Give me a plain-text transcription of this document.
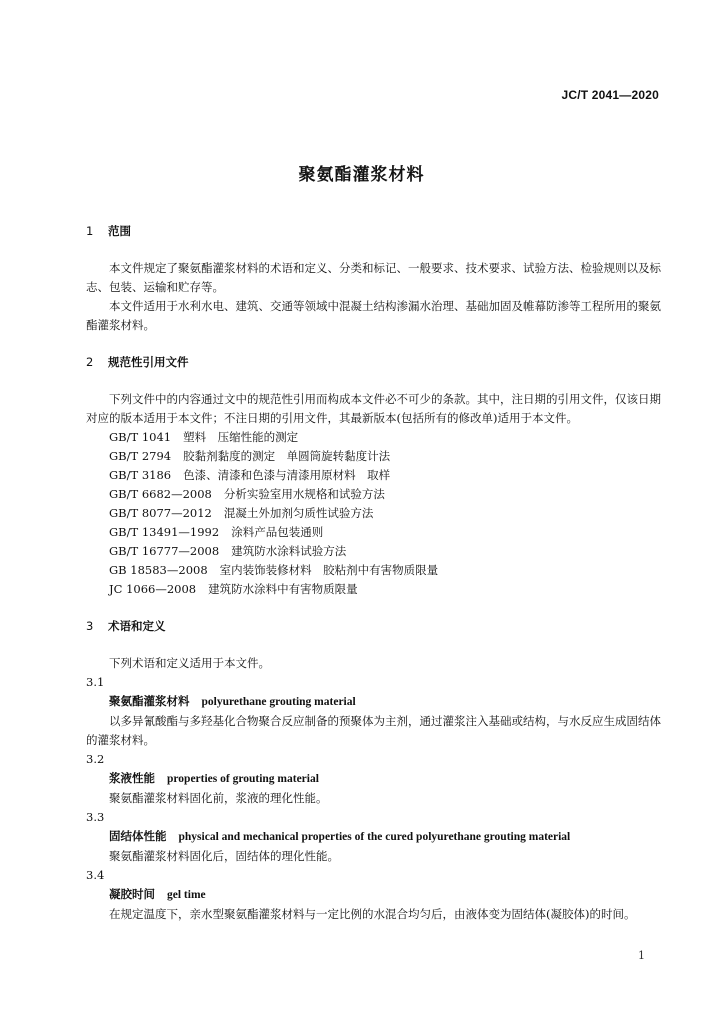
JC/T 2041—2020
聚氨酯灌浆材料

1 范围

本文件规定了聚氨酯灌浆材料的术语和定义、分类和标记、一般要求、技术要求、试验方法、检验规则以及标志、包装、运输和贮存等。

本文件适用于水利水电、建筑、交通等领域中混凝土结构渗漏水治理、基础加固及帷幕防渗等工程所用的聚氨酯灌浆材料。

2 规范性引用文件

下列文件中的内容通过文中的规范性引用而构成本文件必不可少的条款。其中，注日期的引用文件，仅该日期对应的版本适用于本文件；不注日期的引用文件，其最新版本(包括所有的修改单)适用于本文件。

GB/T 1041 塑料　压缩性能的测定

GB/T 2794 胶黏剂黏度的测定　单圆筒旋转黏度计法

GB/T 3186 色漆、清漆和色漆与清漆用原材料　取样

GB/T 6682—2008 分析实验室用水规格和试验方法

GB/T 8077—2012 混凝土外加剂匀质性试验方法

GB/T 13491—1992 涂料产品包装通则

GB/T 16777—2008 建筑防水涂料试验方法

GB 18583—2008 室内装饰装修材料　胶粘剂中有害物质限量

JC 1066—2008 建筑防水涂料中有害物质限量

3 术语和定义

下列术语和定义适用于本文件。

3.1

聚氨酯灌浆材料 polyurethane grouting material

以多异氰酸酯与多羟基化合物聚合反应制备的预聚体为主剂，通过灌浆注入基础或结构，与水反应生成固结体的灌浆材料。

3.2

浆液性能 properties of grouting material

聚氨酯灌浆材料固化前，浆液的理化性能。

3.3

固结体性能 physical and mechanical properties of the cured polyurethane grouting material

聚氨酯灌浆材料固化后，固结体的理化性能。

3.4

凝胶时间 gel time

在规定温度下，亲水型聚氨酯灌浆材料与一定比例的水混合均匀后，由液体变为固结体(凝胶体)的时间。

1
